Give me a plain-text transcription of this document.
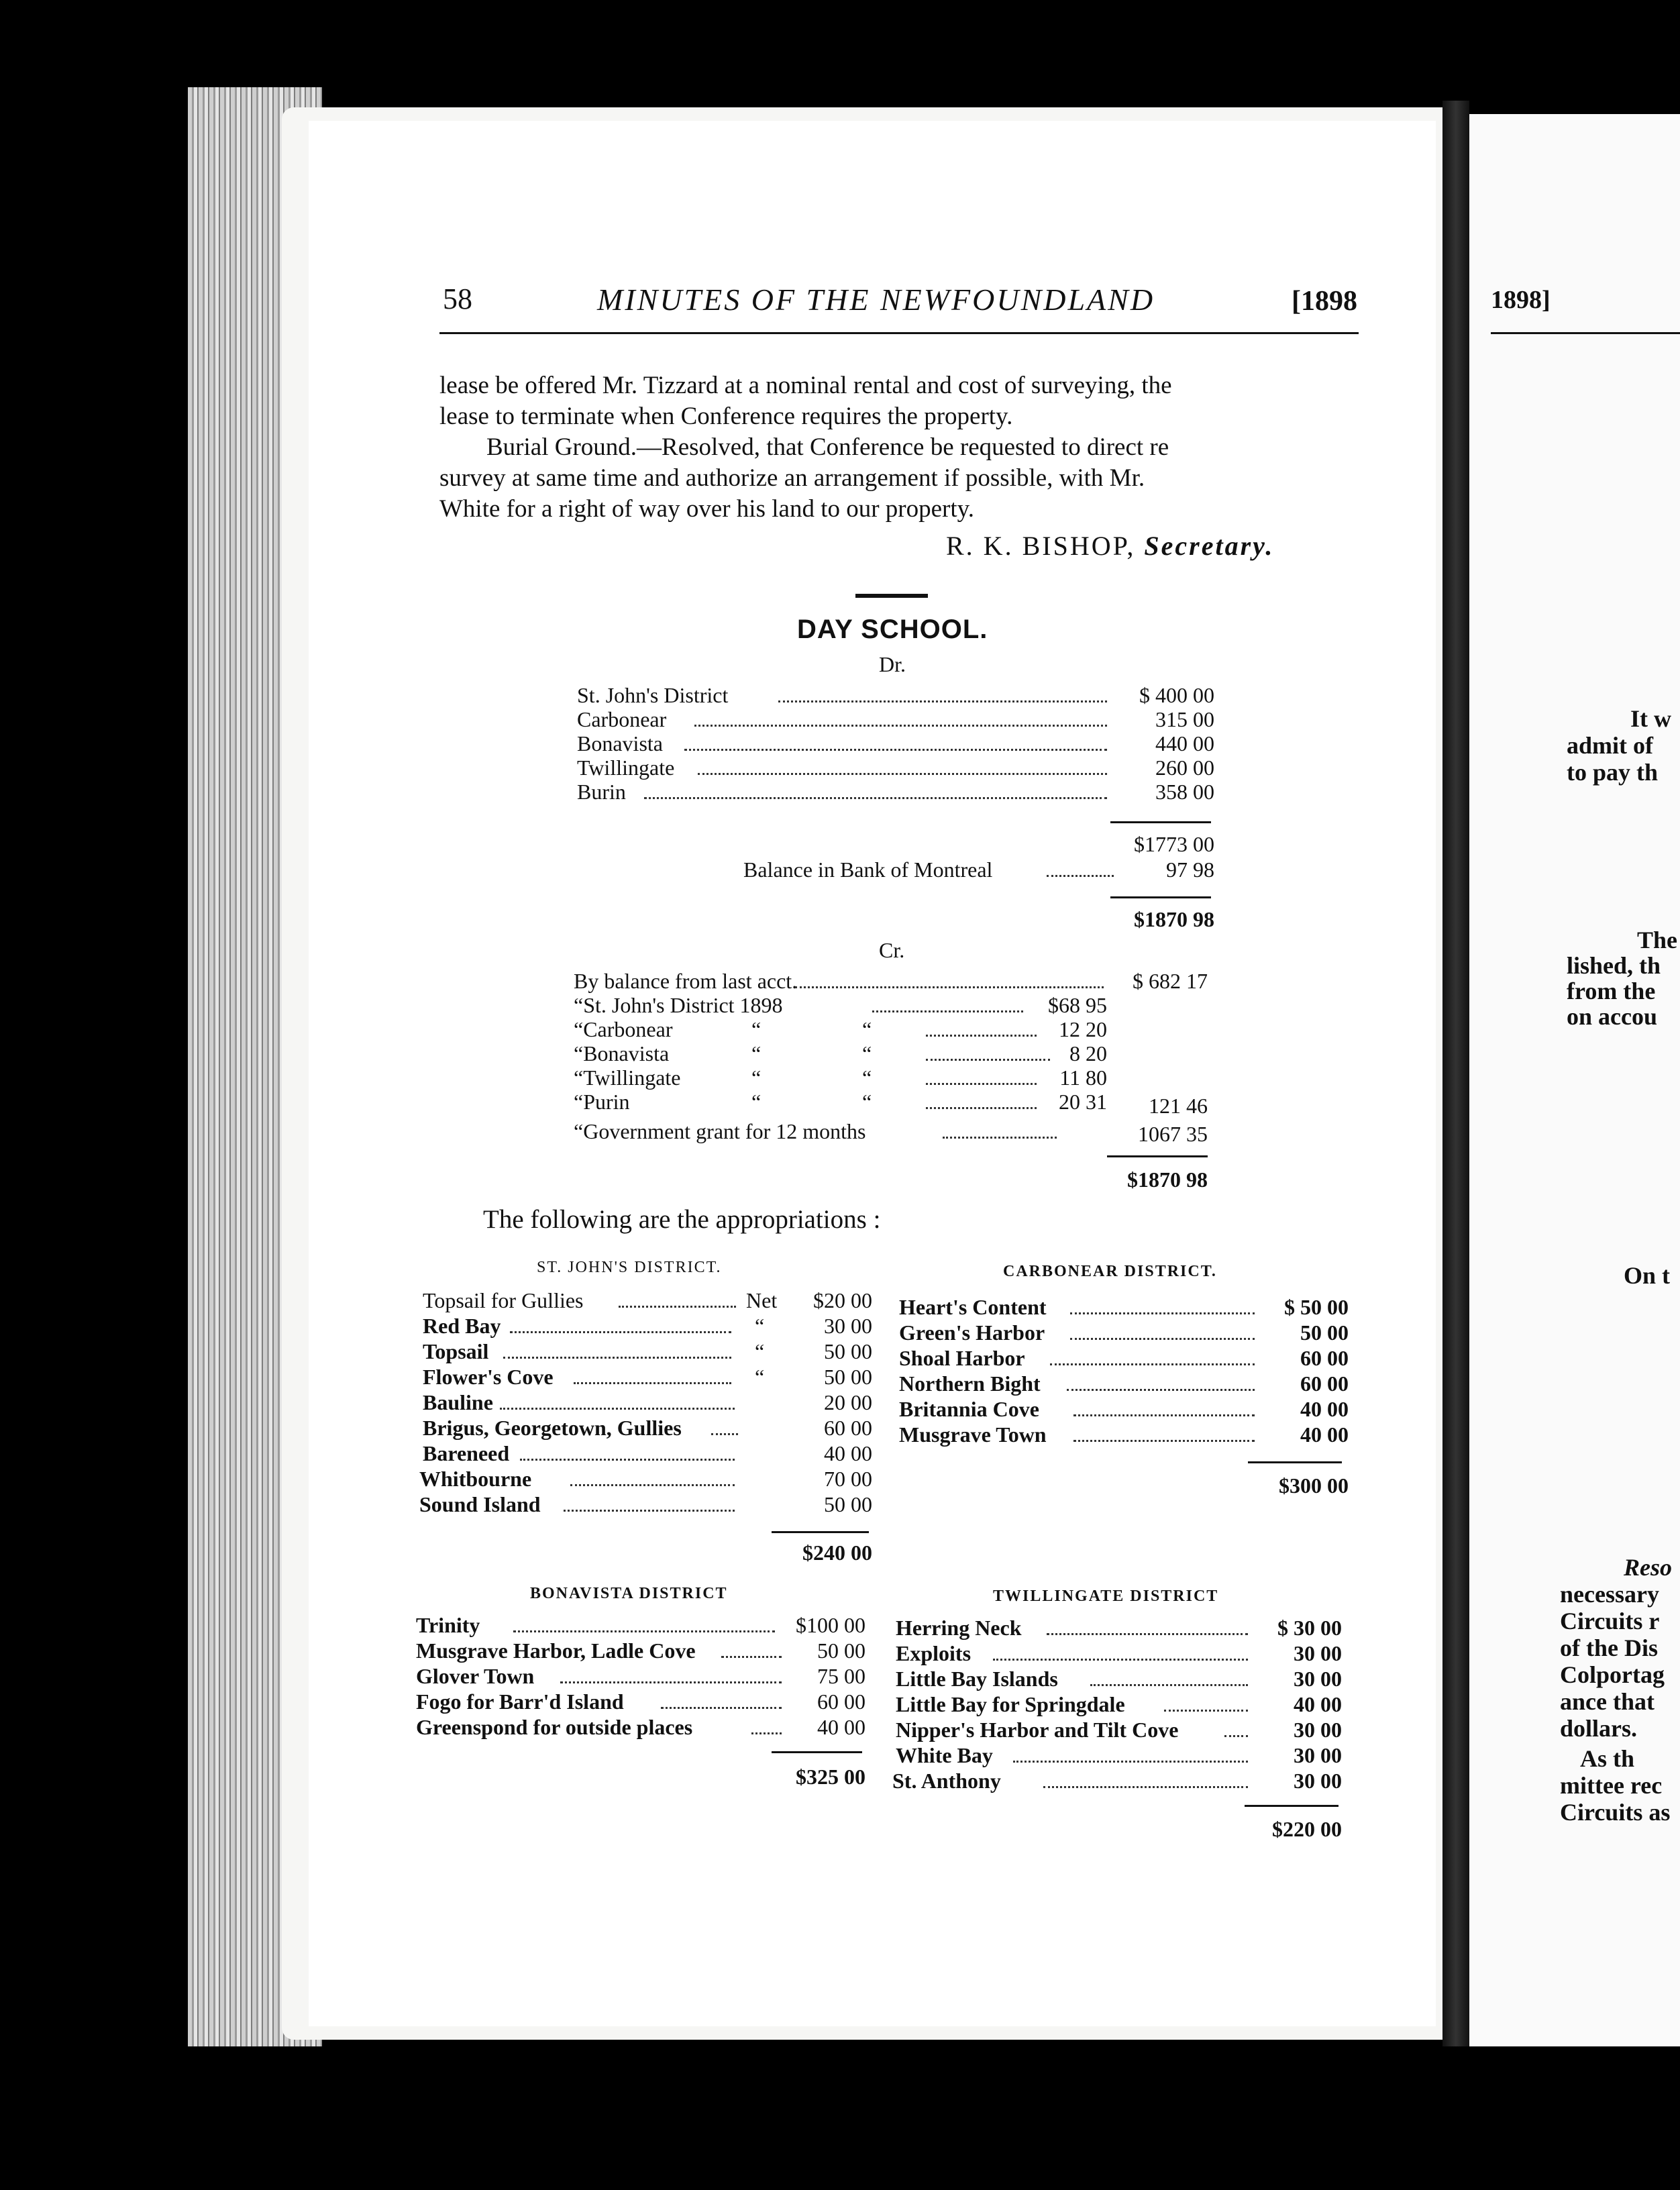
58	MINUTES OF THE NEWFOUNDLAND	[1898
lease be offered Mr. Tizzard at a nominal rental and cost of surveying, the
lease to terminate when Conference requires the property.
Burial Ground.—Resolved, that Conference be requested to direct re
survey at same time and authorize an arrangement if possible, with Mr.
White for a right of way over his land to our property.
R. K. BISHOP, Secretary.
DAY SCHOOL.
Dr.
St. John's District	$ 400 00
Carbonear	315 00
Bonavista	440 00
Twillingate	260 00
Burin	358 00
$1773 00
Balance in Bank of Montreal	97 98
$1870 98
Cr.
By balance from last acct.	$ 682 17
“St. John's District 1898	$68 95
“Carbonear	“	“	12 20
“Bonavista	“	“	8 20
“Twillingate	“	“	11 80
“Purin	“	“	20 31	121 46
“Government grant for 12 months	1067 35
$1870 98
The following are the appropriations :
ST. JOHN'S DISTRICT.
Topsail for Gullies	Net	$20 00
Red Bay	“	30 00
Topsail	“	50 00
Flower's Cove	“	50 00
Bauline	20 00
Brigus, Georgetown, Gullies	60 00
Bareneed	40 00
Whitbourne	70 00
Sound Island	50 00
$240 00
CARBONEAR DISTRICT.
Heart's Content	$ 50 00
Green's Harbor	50 00
Shoal Harbor	60 00
Northern Bight	60 00
Britannia Cove	40 00
Musgrave Town	40 00
$300 00
BONAVISTA DISTRICT
Trinity	$100 00
Musgrave Harbor, Ladle Cove	50 00
Glover Town	75 00
Fogo for Barr'd Island	60 00
Greenspond for outside places	40 00
$325 00
TWILLINGATE DISTRICT
Herring Neck	$ 30 00
Exploits	30 00
Little Bay Islands	30 00
Little Bay for Springdale	40 00
Nipper's Harbor and Tilt Cove	30 00
White Bay	30 00
St. Anthony	30 00
$220 00
1898]
It w
admit of
to pay th
The
lished, th
from the
on accou
On t
Reso
necessary
Circuits r
of the Dis
Colportag
ance that
dollars.
As th
mittee rec
Circuits as
